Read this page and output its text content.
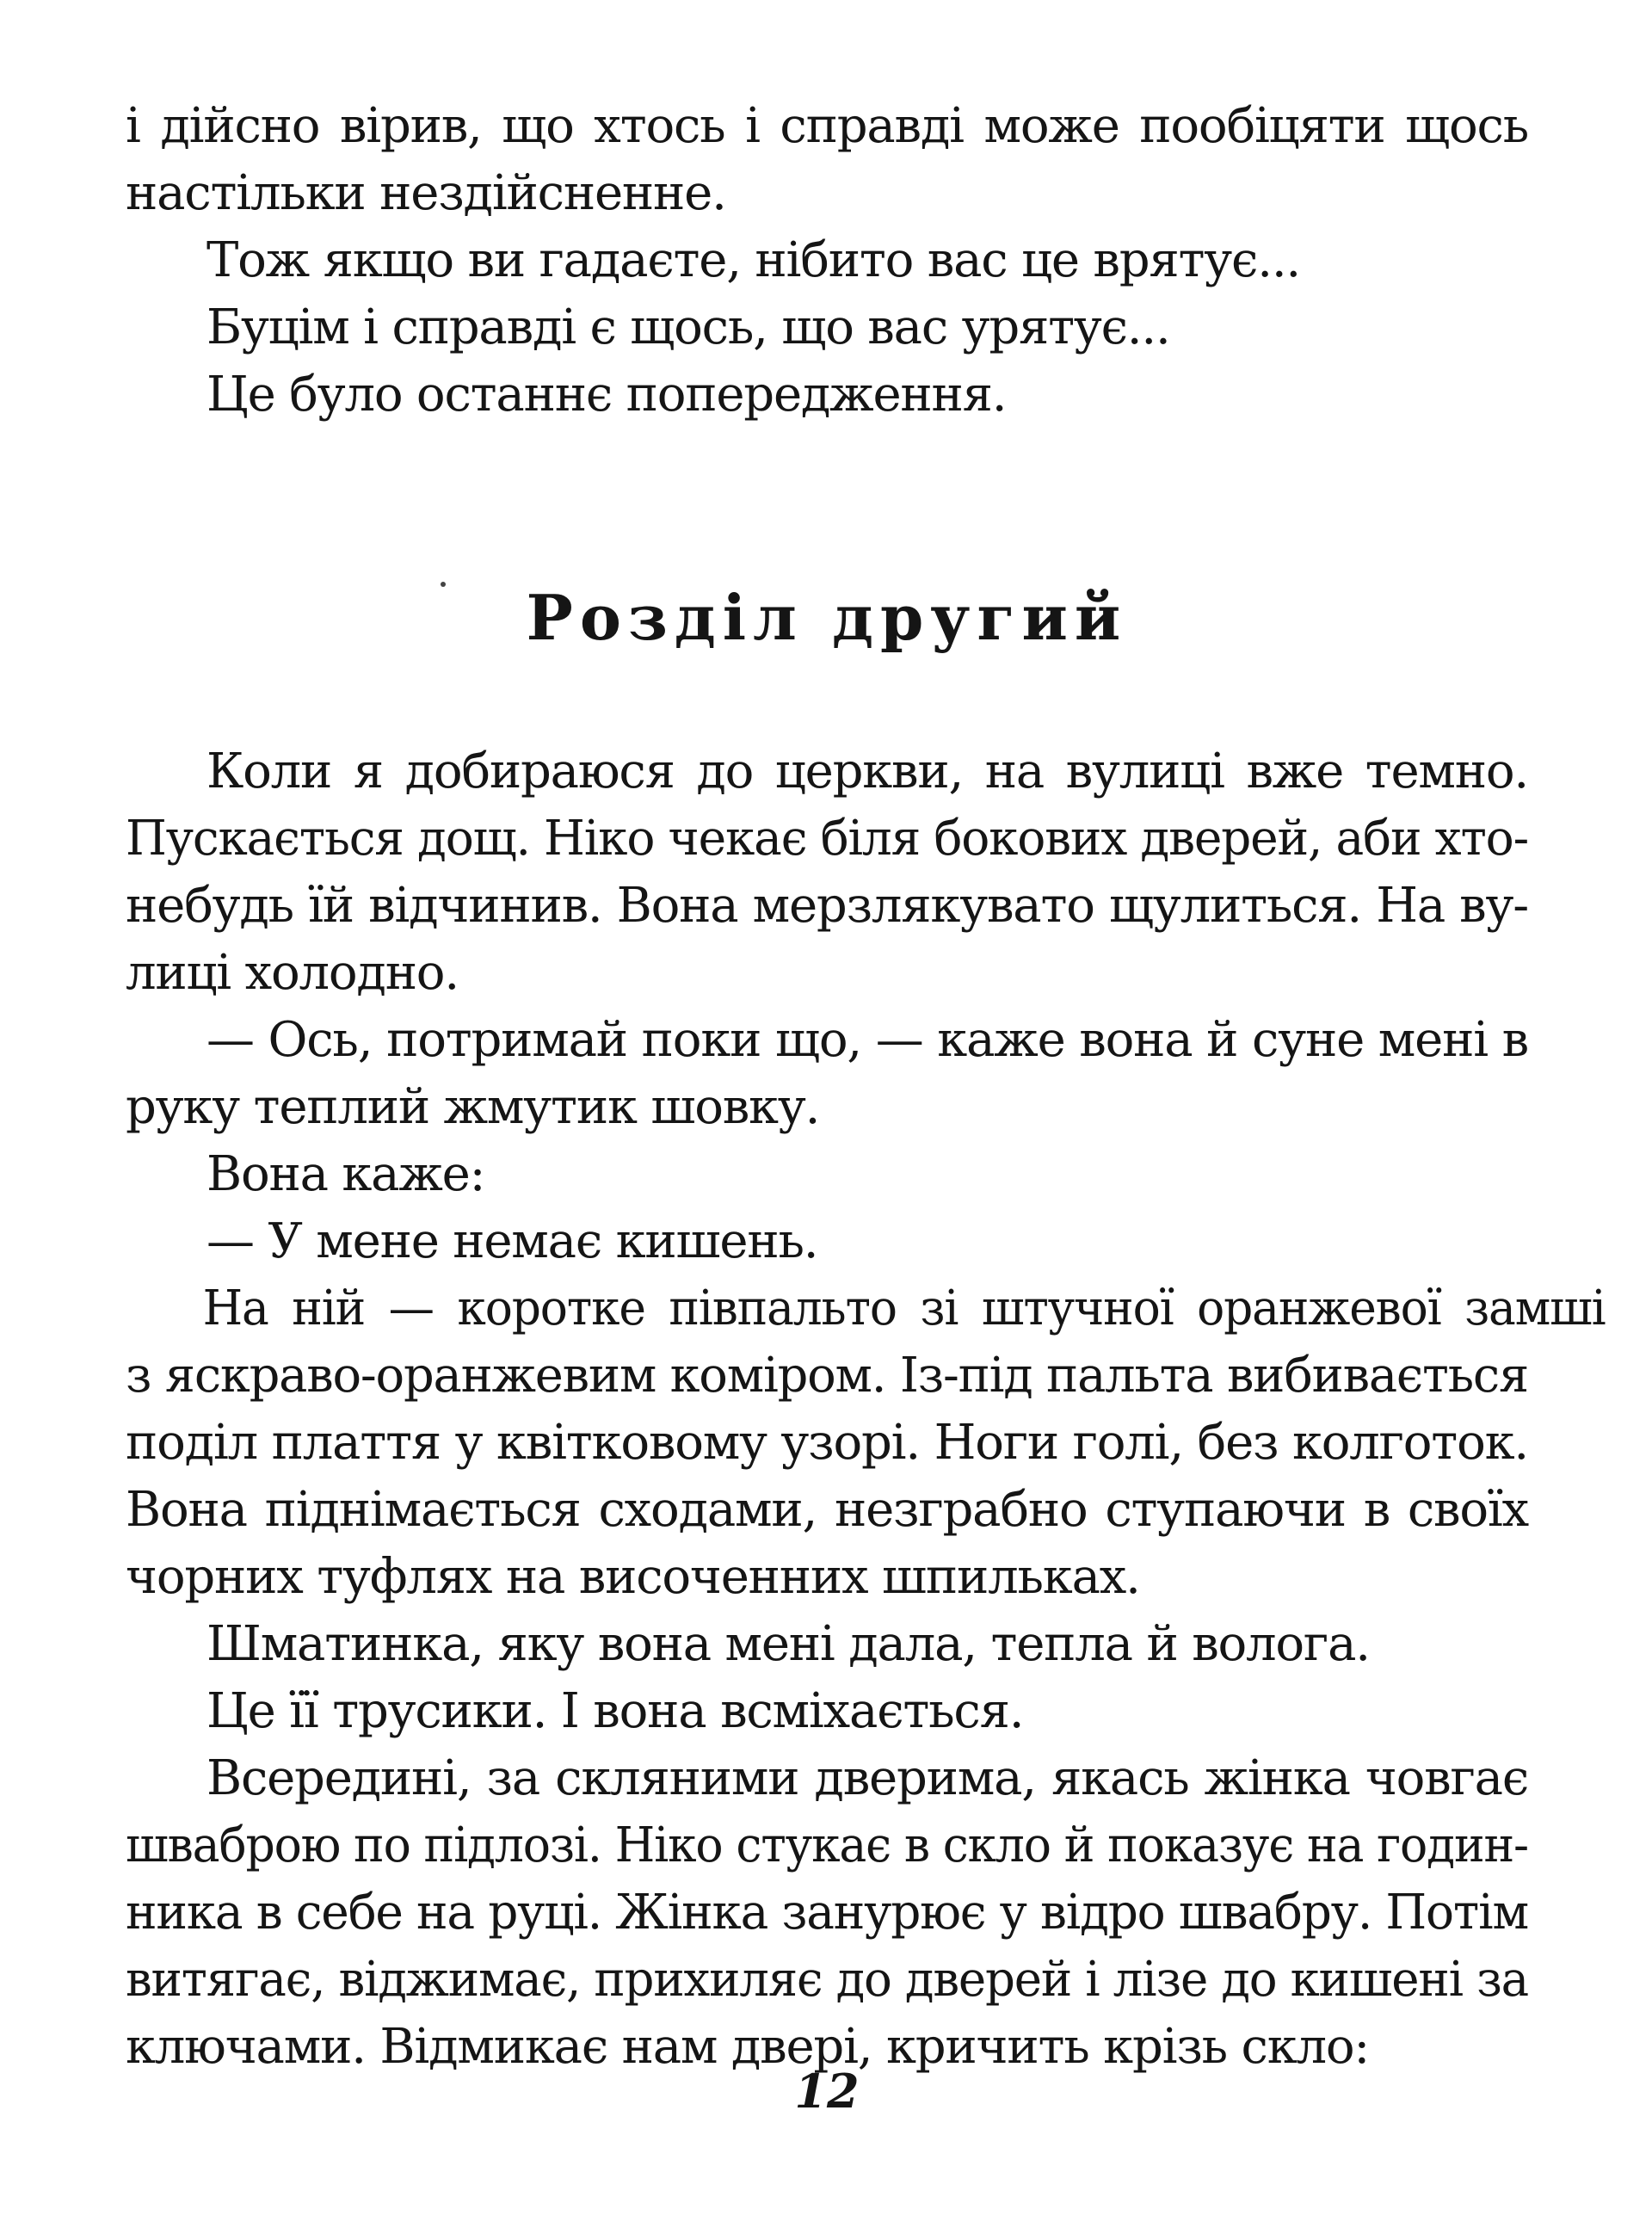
і дійсно вірив, що хтось і справді може пообіцяти щось
настільки нездійсненне.
Тож якщо ви гадаєте, нібито вас це врятує...
Буцім і справді є щось, що вас урятує...
Це було останнє попередження.
Розділ другий
Коли я добираюся до церкви, на вулиці вже темно.
Пускається дощ. Ніко чекає біля бокових дверей, аби хто-
небудь їй відчинив. Вона мерзлякувато щулиться. На ву-
лиці холодно.
— Ось, потримай поки що, — каже вона й суне мені в
руку теплий жмутик шовку.
Вона каже:
— У мене немає кишень.
На ній — коротке півпальто зі штучної оранжевої замші
з яскраво-оранжевим коміром. Із-під пальта вибивається
поділ плаття у квітковому узорі. Ноги голі, без колготок.
Вона піднімається сходами, незграбно ступаючи в своїх
чорних туфлях на височенних шпильках.
Шматинка, яку вона мені дала, тепла й волога.
Це її трусики. І вона всміхається.
Всередині, за скляними дверима, якась жінка човгає
шваброю по підлозі. Ніко стукає в скло й показує на годин-
ника в себе на руці. Жінка занурює у відро швабру. Потім
витягає, віджимає, прихиляє до дверей і лізе до кишені за
ключами. Відмикає нам двері, кричить крізь скло:
12
